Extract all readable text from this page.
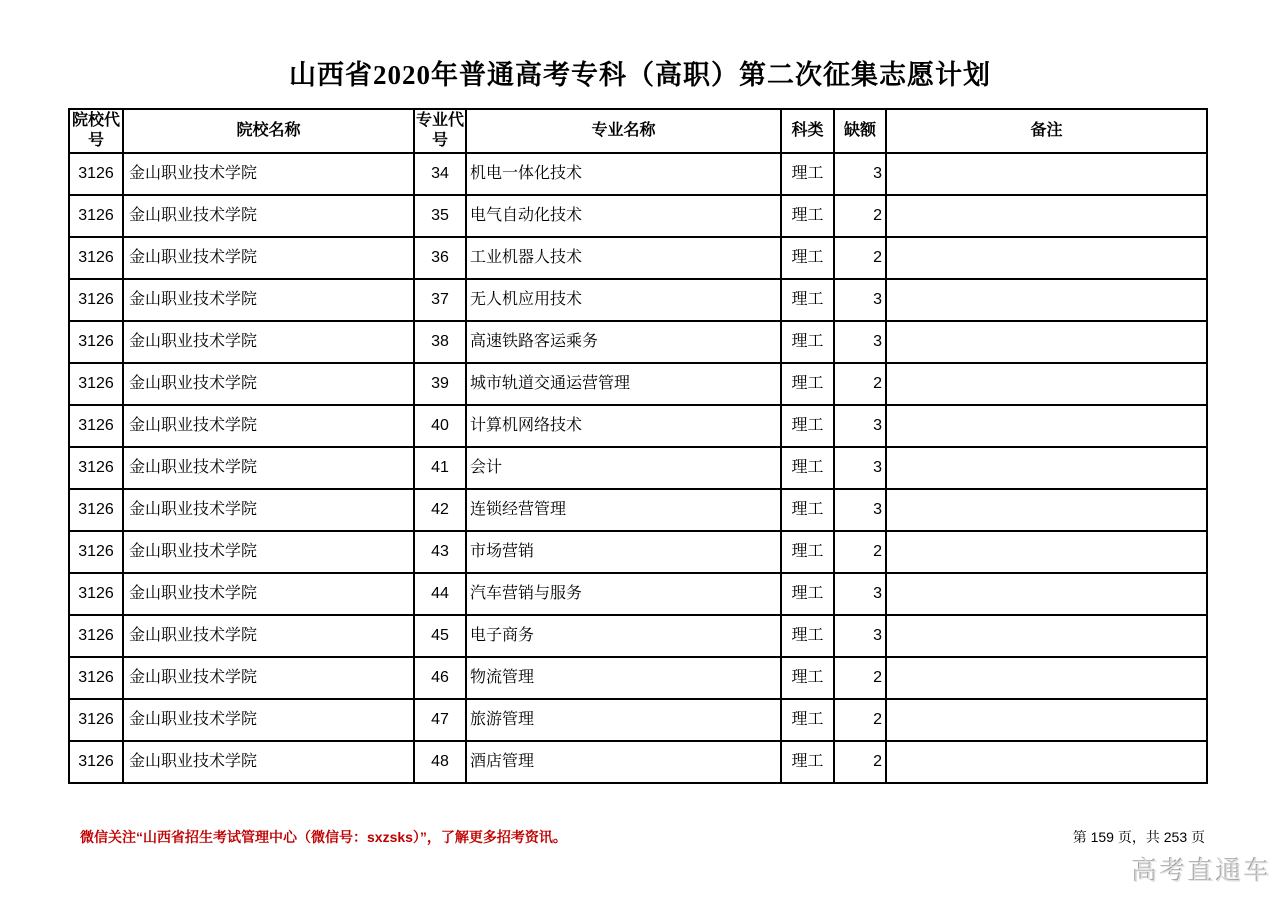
山西省2020年普通高考专科（高职）第二次征集志愿计划
院校代号	院校名称	专业代号	专业名称	科类	缺额	备注
3126	金山职业技术学院	34	机电一体化技术	理工	3	
3126	金山职业技术学院	35	电气自动化技术	理工	2	
3126	金山职业技术学院	36	工业机器人技术	理工	2	
3126	金山职业技术学院	37	无人机应用技术	理工	3	
3126	金山职业技术学院	38	高速铁路客运乘务	理工	3	
3126	金山职业技术学院	39	城市轨道交通运营管理	理工	2	
3126	金山职业技术学院	40	计算机网络技术	理工	3	
3126	金山职业技术学院	41	会计	理工	3	
3126	金山职业技术学院	42	连锁经营管理	理工	3	
3126	金山职业技术学院	43	市场营销	理工	2	
3126	金山职业技术学院	44	汽车营销与服务	理工	3	
3126	金山职业技术学院	45	电子商务	理工	3	
3126	金山职业技术学院	46	物流管理	理工	2	
3126	金山职业技术学院	47	旅游管理	理工	2	
3126	金山职业技术学院	48	酒店管理	理工	2	
微信关注“山西省招生考试管理中心（微信号：sxzsks）”，了解更多招考资讯。	第 159 页，共 253 页
高考直通车
